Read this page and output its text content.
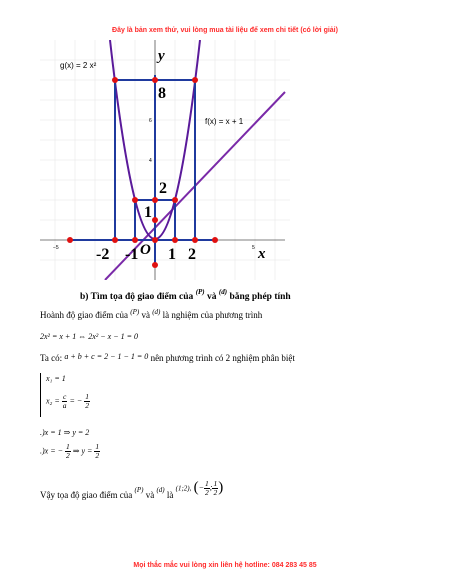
Đây là bản xem thử, vui lòng mua tài liệu để xem chi tiết (có lời giải)
g(x) = 2 x²
f(x) = x + 1
y
x
O
−5	5
6
4
-2 -1 1 2
8
2
1
b) Tìm tọa độ giao điểm của $^{(P)}$ và $^{(d)}$ bằng phép tính
Hoành độ giao điểm của $^{(P)}$ và $^{(d)}$ là nghiệm của phương trình
2x² = x + 1 ⇔ 2x² − x − 1 = 0
Ta có: a + b + c = 2 − 1 − 1 = 0 nên phương trình có 2 nghiệm phân biệt
x₁ = 1
$x_2 = \frac{c}{a}$ = − $\frac{1}{2}$
.)x = 1 ⇒ y = 2
.)x = − $\frac{1}{2}$ ⇒ $y = \frac{1}{2}$
Vậy tọa độ giao điểm của $_{(P)}$ và $_{(d)}$ là (1;2), (− $\frac{1}{2}$ ; $\frac{1}{2}$ )
Mọi thắc mắc vui lòng xin liên hệ hotline: 084 283 45 85
